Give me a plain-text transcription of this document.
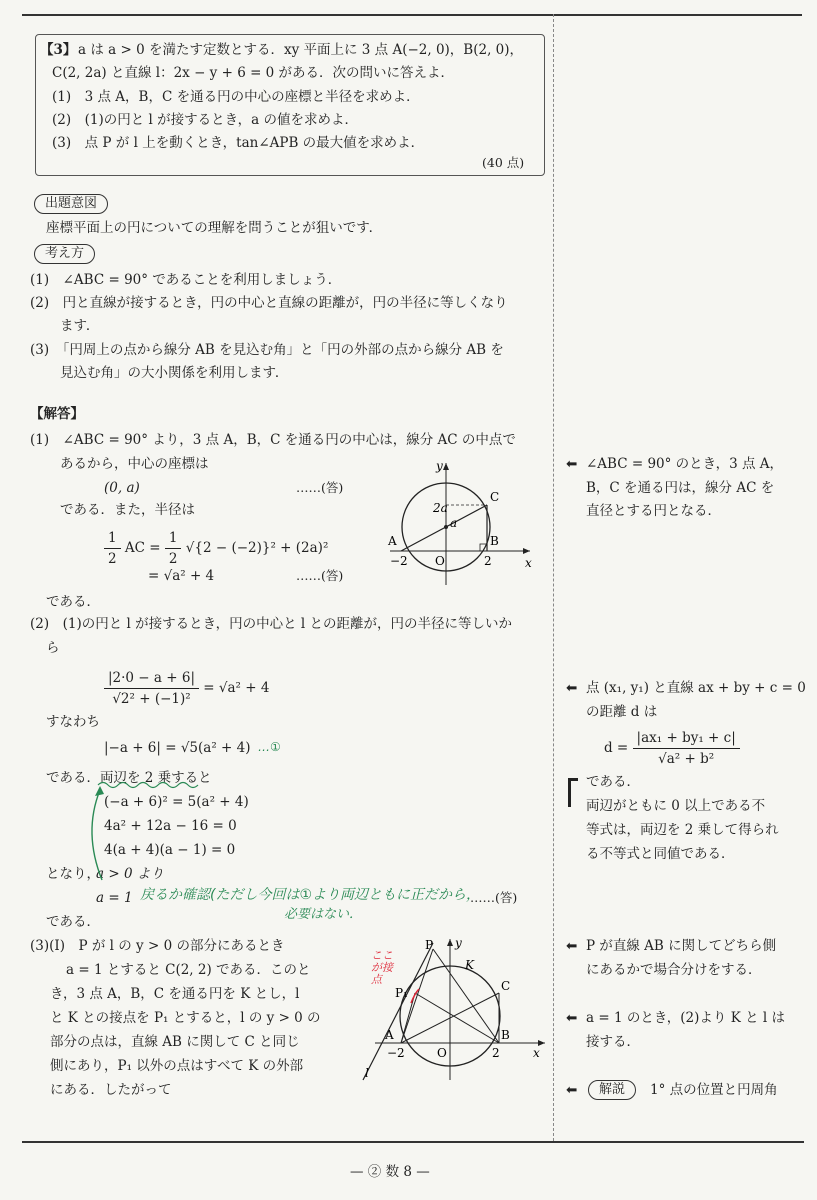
【3】 a は a > 0 を満たす定数とする．xy 平面上に 3 点 A(−2, 0)，B(2, 0)，
C(2, 2a) と直線 l：2x − y + 6 = 0 がある．次の問いに答えよ．
(1)　3 点 A，B，C を通る円の中心の座標と半径を求めよ．
(2)　(1)の円と l が接するとき，a の値を求めよ．
(3)　点 P が l 上を動くとき，tan∠APB の最大値を求めよ．
(40 点)
出題意図
座標平面上の円についての理解を問うことが狙いです．
考え方
(1)　∠ABC = 90° であることを利用しましょう．
(2)　円と直線が接するとき，円の中心と直線の距離が，円の半径に等しくなり
ます．
(3)　「円周上の点から線分 AB を見込む角」と「円の外部の点から線分 AB を
見込む角」の大小関係を利用します．
【解答】
(1)　∠ABC = 90° より，3 点 A，B，C を通る円の中心は，線分 AC の中点で
あるから，中心の座標は
(0, a)	……(答)
である．また，半径は
$\frac{1}{2}$ AC = $\frac{1}{2} √\{2 - (-2)\}^2 + (2a)^2$
= √a² + 4	……(答)
である．
y
x
C
2a
a
A	B
−2 O	2
(2)　(1)の円と l が接するとき，円の中心と l との距離が，円の半径に等しいか
ら
$\frac{|2\cdot 0 - a + 6|}{\text{√2² + (−1)²}} = √a^2 + 4$
すなわち
|−a + 6| = √5(a² + 4) …①
である．両辺を 2 乗すると
(−a + 6)² = 5(a² + 4)
4a² + 12a − 16 = 0
4(a + 4)(a − 1) = 0
となり，
a > 0 より
a = 1 戻るか確認(ただし今回は①より両辺ともに正だから，
必要はない．
……(答)
である．
(3)(Ⅰ)　P が l の y > 0 の部分にあるとき
a = 1 とすると C(2, 2) である．このと
き，3 点 A，B，C を通る円を K とし，l
と K との接点を P₁ とすると，l の y > 0 の
部分の点は，直線 AB に関して C と同じ
側にあり，P₁ 以外の点はすべて K の外部
にある．したがって
P y
K
C
P₁
A	B
−2	O	2	x
l
ここが接点
⬅ ∠ABC = 90° のとき，3 点 A，
B，C を通る円は，線分 AC を
直径とする円となる．
⬅ 点 (x₁, y₁) と直線 ax + by + c = 0
の距離 d は
$d = \frac{\text{|ax₁ + by₁ + c|}}{\text{√a² + b²}}$
である．
両辺がともに 0 以上である不
等式は，両辺を 2 乗して得られ
る不等式と同値である．
⬅ P が直線 AB に関してどちら側
にあるかで場合分けをする．
⬅ a = 1 のとき，(2)より K と l は
接する．
⬅	解説	1° 点の位置と円周角
— ② 数 8 —
